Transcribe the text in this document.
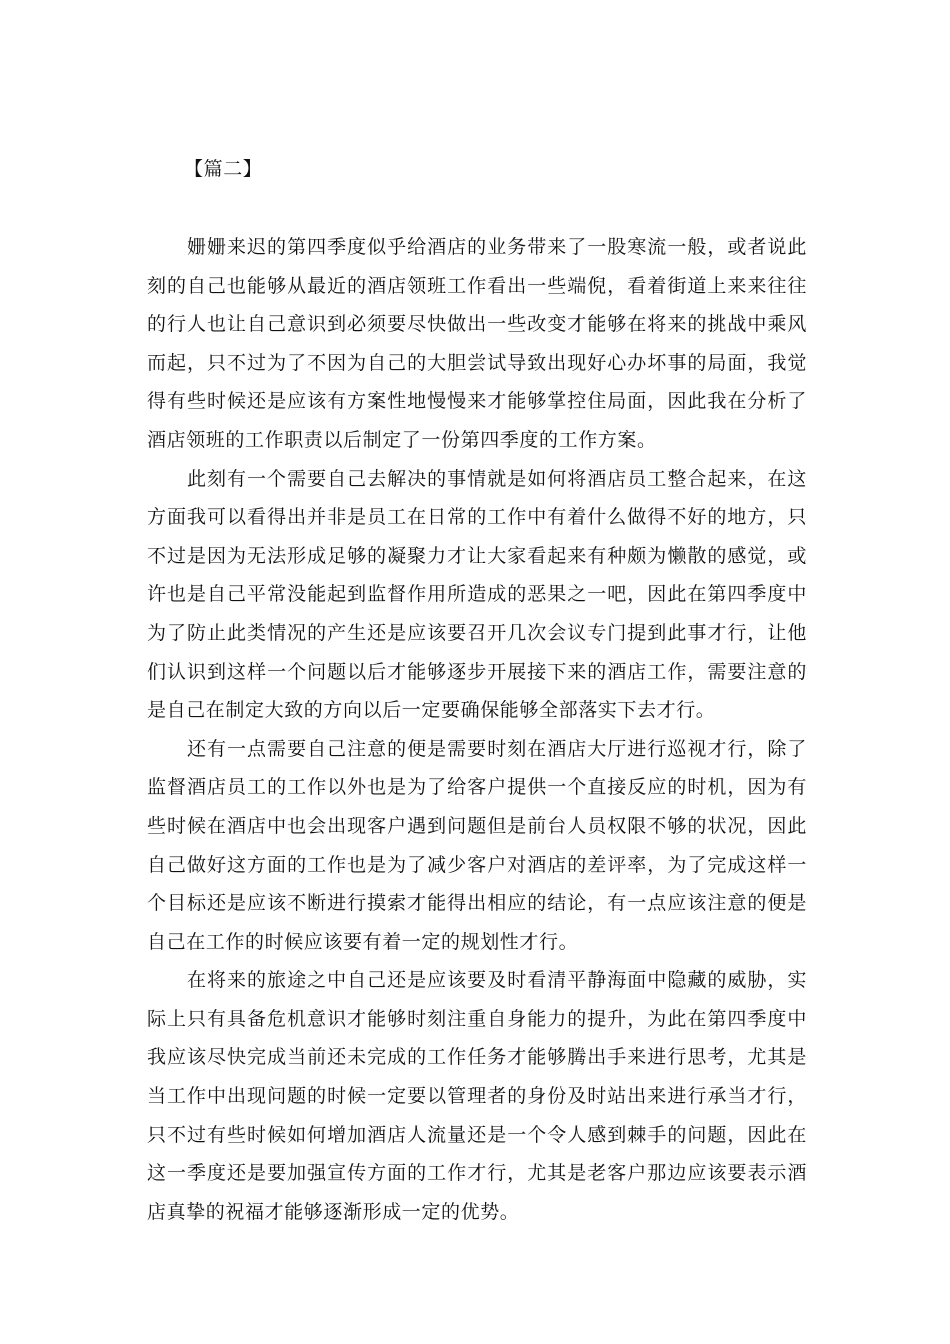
【篇二】

姗姗来迟的第四季度似乎给酒店的业务带来了一股寒流一般，或者说此刻的自己也能够从最近的酒店领班工作看出一些端倪，看着街道上来来往往的行人也让自己意识到必须要尽快做出一些改变才能够在将来的挑战中乘风而起，只不过为了不因为自己的大胆尝试导致出现好心办坏事的局面，我觉得有些时候还是应该有方案性地慢慢来才能够掌控住局面，因此我在分析了酒店领班的工作职责以后制定了一份第四季度的工作方案。

此刻有一个需要自己去解决的事情就是如何将酒店员工整合起来，在这方面我可以看得出并非是员工在日常的工作中有着什么做得不好的地方，只不过是因为无法形成足够的凝聚力才让大家看起来有种颇为懒散的感觉，或许也是自己平常没能起到监督作用所造成的恶果之一吧，因此在第四季度中为了防止此类情况的产生还是应该要召开几次会议专门提到此事才行，让他们认识到这样一个问题以后才能够逐步开展接下来的酒店工作，需要注意的是自己在制定大致的方向以后一定要确保能够全部落实下去才行。

还有一点需要自己注意的便是需要时刻在酒店大厅进行巡视才行，除了监督酒店员工的工作以外也是为了给客户提供一个直接反应的时机，因为有些时候在酒店中也会出现客户遇到问题但是前台人员权限不够的状况，因此自己做好这方面的工作也是为了减少客户对酒店的差评率，为了完成这样一个目标还是应该不断进行摸索才能得出相应的结论，有一点应该注意的便是自己在工作的时候应该要有着一定的规划性才行。

在将来的旅途之中自己还是应该要及时看清平静海面中隐藏的威胁，实际上只有具备危机意识才能够时刻注重自身能力的提升，为此在第四季度中我应该尽快完成当前还未完成的工作任务才能够腾出手来进行思考，尤其是当工作中出现问题的时候一定要以管理者的身份及时站出来进行承当才行，只不过有些时候如何增加酒店人流量还是一个令人感到棘手的问题，因此在这一季度还是要加强宣传方面的工作才行，尤其是老客户那边应该要表示酒店真挚的祝福才能够逐渐形成一定的优势。
